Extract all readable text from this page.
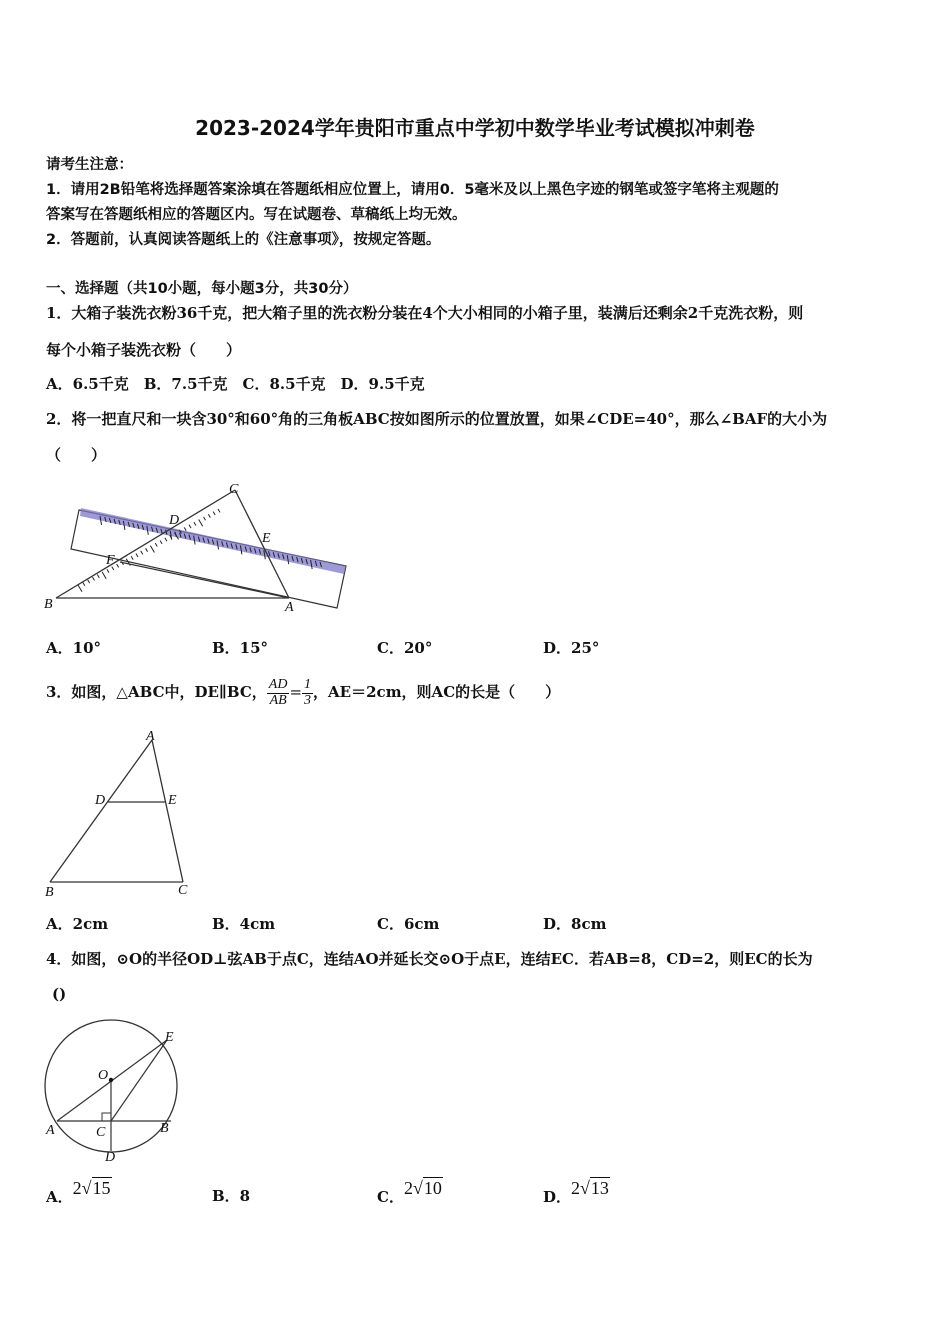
2023-2024学年贵阳市重点中学初中数学毕业考试模拟冲刺卷
请考生注意：
1．请用2B铅笔将选择题答案涂填在答题纸相应位置上，请用0．5毫米及以上黑色字迹的钢笔或签字笔将主观题的
答案写在答题纸相应的答题区内。写在试题卷、草稿纸上均无效。
2．答题前，认真阅读答题纸上的《注意事项》，按规定答题。
一、选择题（共10小题，每小题3分，共30分）
1．大箱子装洗衣粉36千克，把大箱子里的洗衣粉分装在4个大小相同的小箱子里，装满后还剩余2千克洗衣粉，则
每个小箱子装洗衣粉（　　）
A．6.5千克　B．7.5千克　C．8.5千克　D．9.5千克
2．将一把直尺和一块含30°和60°角的三角板ABC按如图所示的位置放置，如果∠CDE=40°，那么∠BAF的大小为
（　　）
C
D
E
F
B	A
A．10°	B．15°	C．20°	D．25°
3．如图，△ABC中，DE∥BC， $\frac{AD}{AB} = \frac{1}{3}$ ，AE＝2cm，则AC的长是（　　）
A
D	E
B	C
A．2cm	B．4cm	C．6cm	D．8cm
4．如图，⊙O的半径OD⊥弦AB于点C，连结AO并延长交⊙O于点E，连结EC．若AB=8，CD=2，则EC的长为
()
E
O
A	C	B
D
A．2√15	B．8	C．2√10	D．2√13
